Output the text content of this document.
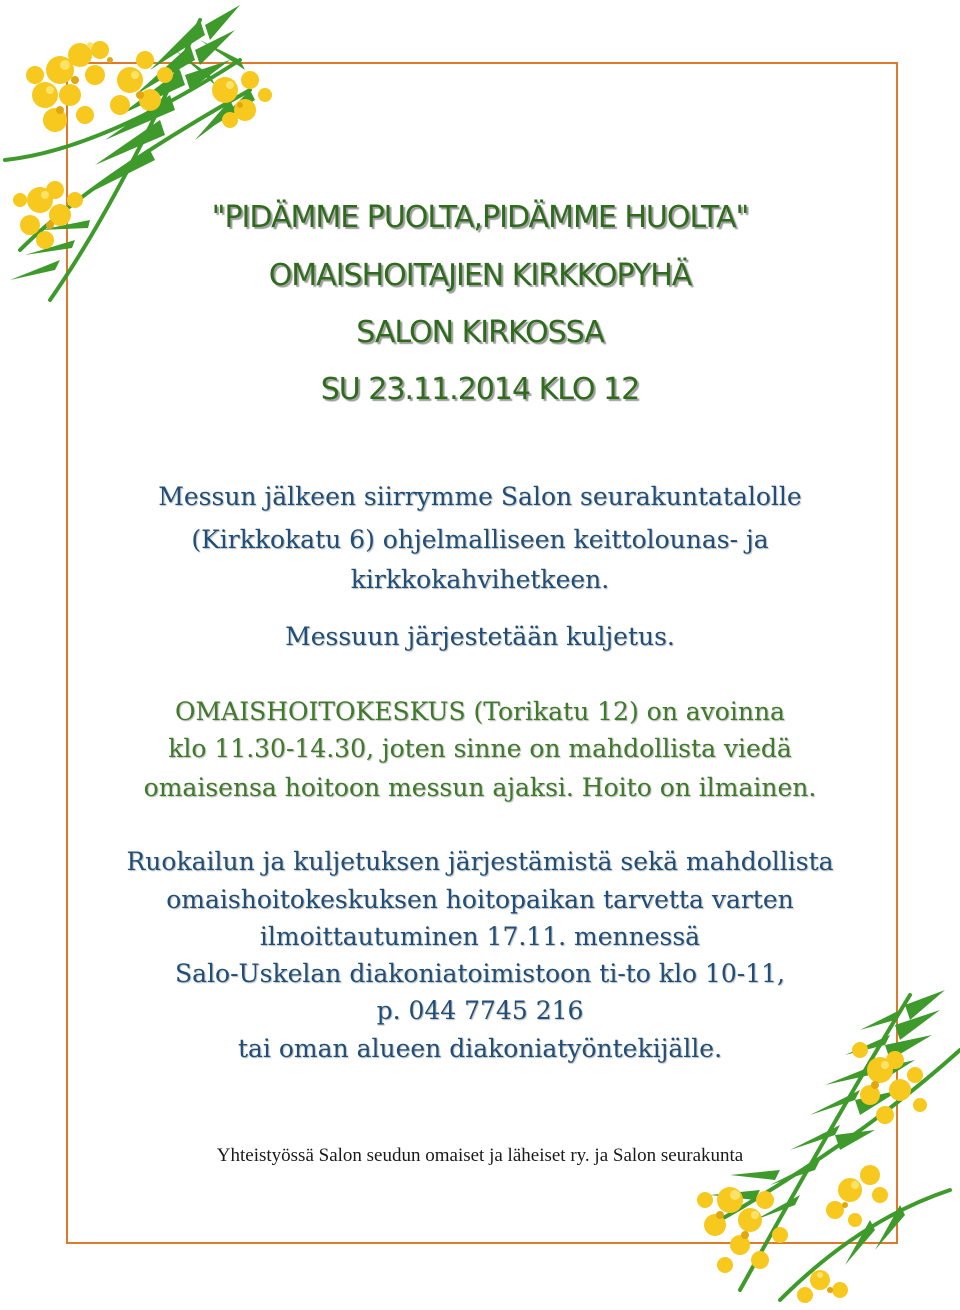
"PIDÄMME PUOLTA,PIDÄMME HUOLTA"
OMAISHOITAJIEN KIRKKOPYHÄ
SALON KIRKOSSA
SU 23.11.2014 KLO 12
Messun jälkeen siirrymme Salon seurakuntatalolle
(Kirkkokatu 6) ohjelmalliseen keittolounas- ja
kirkkokahvihetkeen.
Messuun järjestetään kuljetus.
OMAISHOITOKESKUS (Torikatu 12) on avoinna
klo 11.30-14.30, joten sinne on mahdollista viedä
omaisensa hoitoon messun ajaksi. Hoito on ilmainen.
Ruokailun ja kuljetuksen järjestämistä sekä mahdollista
omaishoitokeskuksen hoitopaikan tarvetta varten
ilmoittautuminen 17.11. mennessä
Salo-Uskelan diakoniatoimistoon ti-to klo 10-11,
p. 044 7745 216
tai oman alueen diakoniatyöntekijälle.
Yhteistyössä Salon seudun omaiset ja läheiset ry. ja Salon seurakunta
